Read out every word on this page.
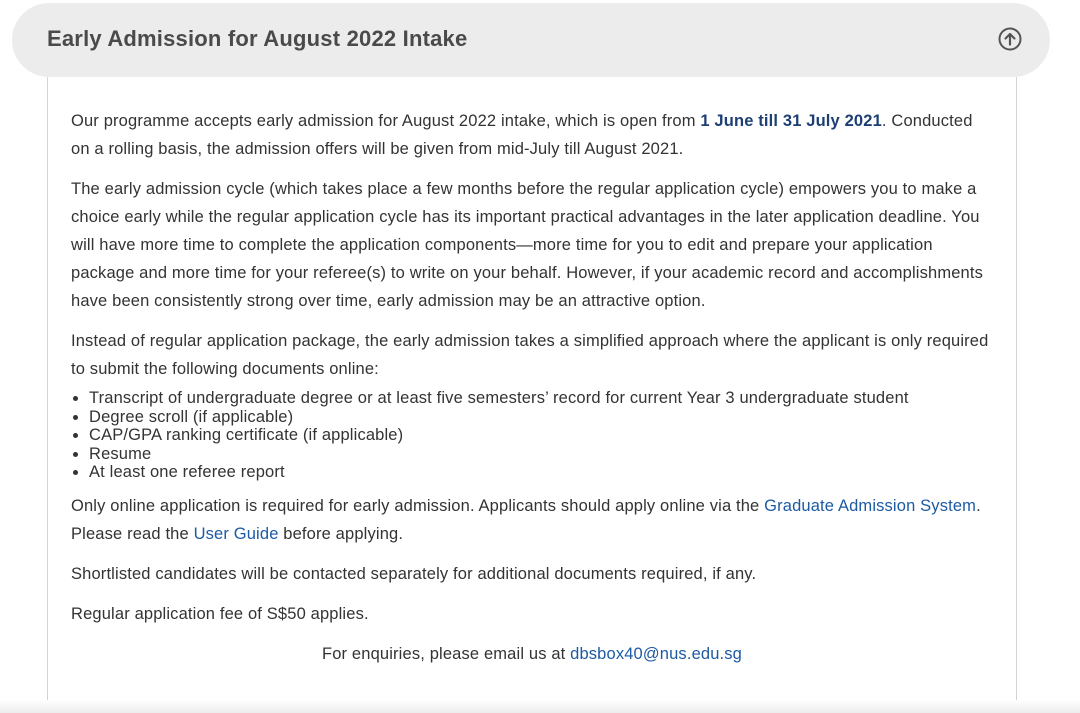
Early Admission for August 2022 Intake

Our programme accepts early admission for August 2022 intake, which is open from 1 June till 31 July 2021. Conducted on a rolling basis, the admission offers will be given from mid-July till August 2021.

The early admission cycle (which takes place a few months before the regular application cycle) empowers you to make a choice early while the regular application cycle has its important practical advantages in the later application deadline. You will have more time to complete the application components—more time for you to edit and prepare your application package and more time for your referee(s) to write on your behalf. However, if your academic record and accomplishments have been consistently strong over time, early admission may be an attractive option.

Instead of regular application package, the early admission takes a simplified approach where the applicant is only required to submit the following documents online:

• Transcript of undergraduate degree or at least five semesters’ record for current Year 3 undergraduate student
• Degree scroll (if applicable)
• CAP/GPA ranking certificate (if applicable)
• Resume
• At least one referee report

Only online application is required for early admission. Applicants should apply online via the Graduate Admission System. Please read the User Guide before applying.

Shortlisted candidates will be contacted separately for additional documents required, if any.

Regular application fee of S$50 applies.

For enquiries, please email us at dbsbox40@nus.edu.sg
